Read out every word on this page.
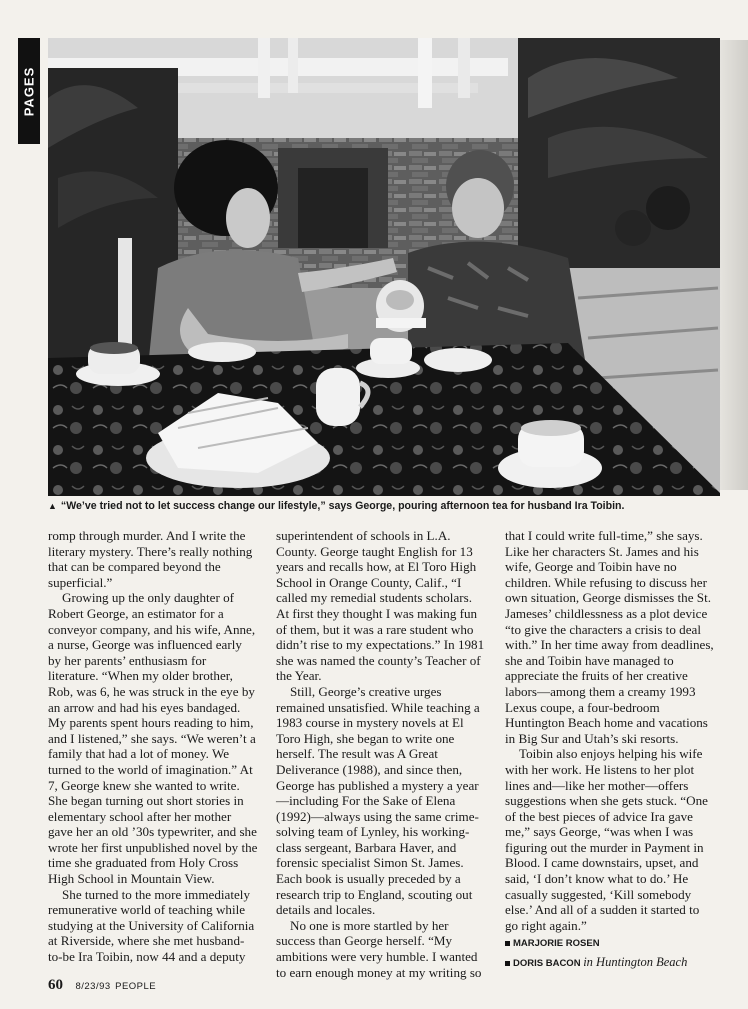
PAGES
▲ “We’ve tried not to let success change our lifestyle,” says George, pouring afternoon tea for husband Ira Toibin.

romp through murder. And I write the literary mystery. There’s really nothing that can be compared beyond the superficial.”

Growing up the only daughter of Robert George, an estimator for a conveyor company, and his wife, Anne, a nurse, George was influenced early by her parents’ enthusiasm for literature. “When my older brother, Rob, was 6, he was struck in the eye by an arrow and had his eyes bandaged. My parents spent hours reading to him, and I listened,” she says. “We weren’t a family that had a lot of money. We turned to the world of imagination.” At 7, George knew she wanted to write. She began turning out short stories in elementary school after her mother gave her an old ’30s typewriter, and she wrote her first unpublished novel by the time she graduated from Holy Cross High School in Mountain View.

She turned to the more immediately remunerative world of teaching while studying at the University of California at Riverside, where she met husband-to-be Ira Toibin, now 44 and a deputy

superintendent of schools in L.A. County. George taught English for 13 years and recalls how, at El Toro High School in Orange County, Calif., “I called my remedial students scholars. At first they thought I was making fun of them, but it was a rare student who didn’t rise to my expectations.” In 1981 she was named the county’s Teacher of the Year.

Still, George’s creative urges remained unsatisfied. While teaching a 1983 course in mystery novels at El Toro High, she began to write one herself. The result was A Great Deliverance (1988), and since then, George has published a mystery a year—including For the Sake of Elena (1992)—always using the same crime-solving team of Lynley, his working-class sergeant, Barbara Haver, and forensic specialist Simon St. James. Each book is usually preceded by a research trip to England, scouting out details and locales.

No one is more startled by her success than George herself. “My ambitions were very humble. I wanted to earn enough money at my writing so

that I could write full-time,” she says. Like her characters St. James and his wife, George and Toibin have no children. While refusing to discuss her own situation, George dismisses the St. Jameses’ childlessness as a plot device “to give the characters a crisis to deal with.” In her time away from deadlines, she and Toibin have managed to appreciate the fruits of her creative labors—among them a creamy 1993 Lexus coupe, a four-bedroom Huntington Beach home and vacations in Big Sur and Utah’s ski resorts.

Toibin also enjoys helping his wife with her work. He listens to her plot lines and—like her mother—offers suggestions when she gets stuck. “One of the best pieces of advice Ira gave me,” says George, “was when I was figuring out the murder in Payment in Blood. I came downstairs, upset, and said, ‘I don’t know what to do.’ He casually suggested, ‘Kill somebody else.’ And all of a sudden it started to go right again.”

MARJORIE ROSEN
DORIS BACON in Huntington Beach
60 8/23/93 PEOPLE
